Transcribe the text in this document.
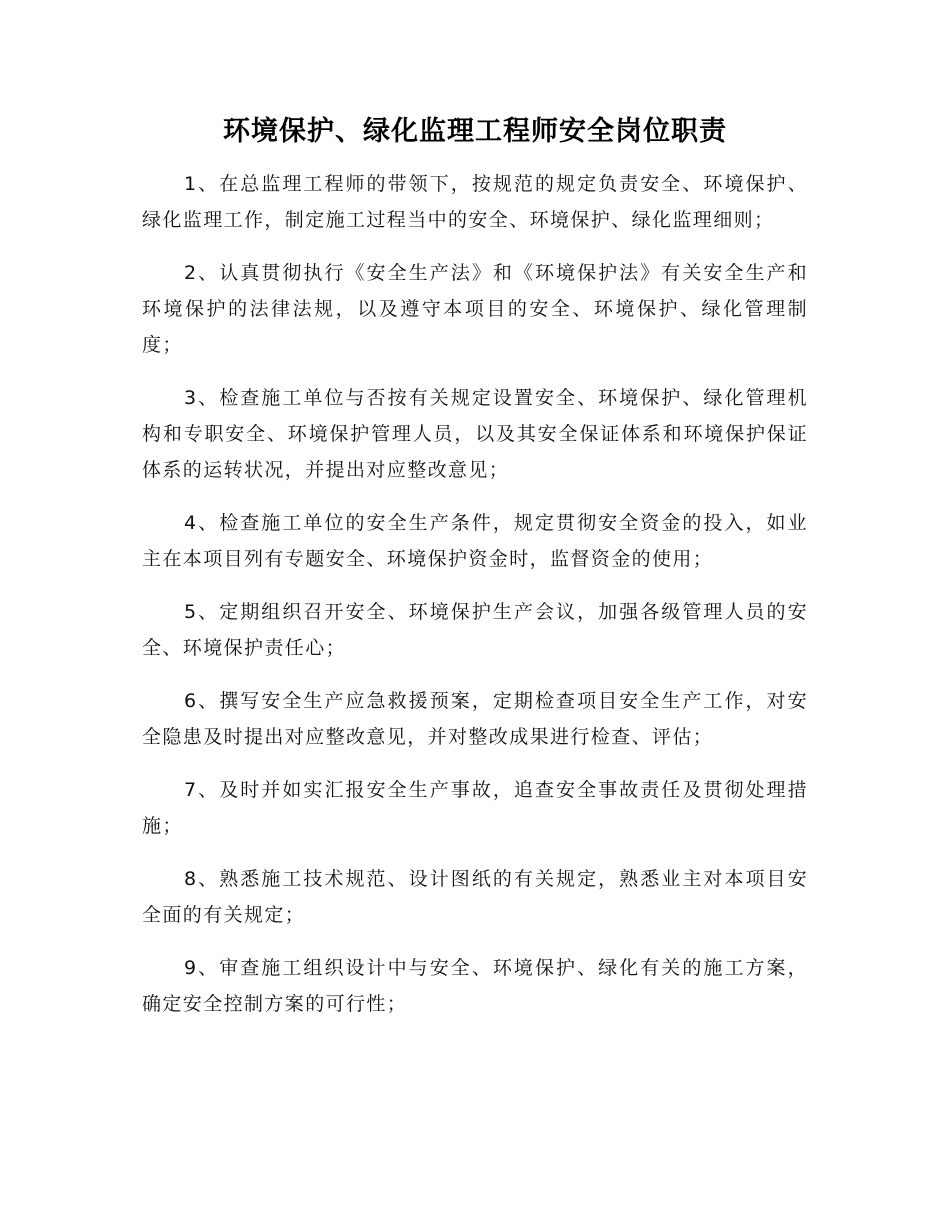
环境保护、绿化监理工程师安全岗位职责

1、在总监理工程师的带领下，按规范的规定负责安全、环境保护、绿化监理工作，制定施工过程当中的安全、环境保护、绿化监理细则；

2、认真贯彻执行《安全生产法》和《环境保护法》有关安全生产和环境保护的法律法规，以及遵守本项目的安全、环境保护、绿化管理制度；

3、检查施工单位与否按有关规定设置安全、环境保护、绿化管理机构和专职安全、环境保护管理人员，以及其安全保证体系和环境保护保证体系的运转状况，并提出对应整改意见；

4、检查施工单位的安全生产条件，规定贯彻安全资金的投入，如业主在本项目列有专题安全、环境保护资金时，监督资金的使用；

5、定期组织召开安全、环境保护生产会议，加强各级管理人员的安全、环境保护责任心；

6、撰写安全生产应急救援预案，定期检查项目安全生产工作，对安全隐患及时提出对应整改意见，并对整改成果进行检查、评估；

7、及时并如实汇报安全生产事故，追查安全事故责任及贯彻处理措施；

8、熟悉施工技术规范、设计图纸的有关规定，熟悉业主对本项目安全面的有关规定；

9、审查施工组织设计中与安全、环境保护、绿化有关的施工方案，确定安全控制方案的可行性；
